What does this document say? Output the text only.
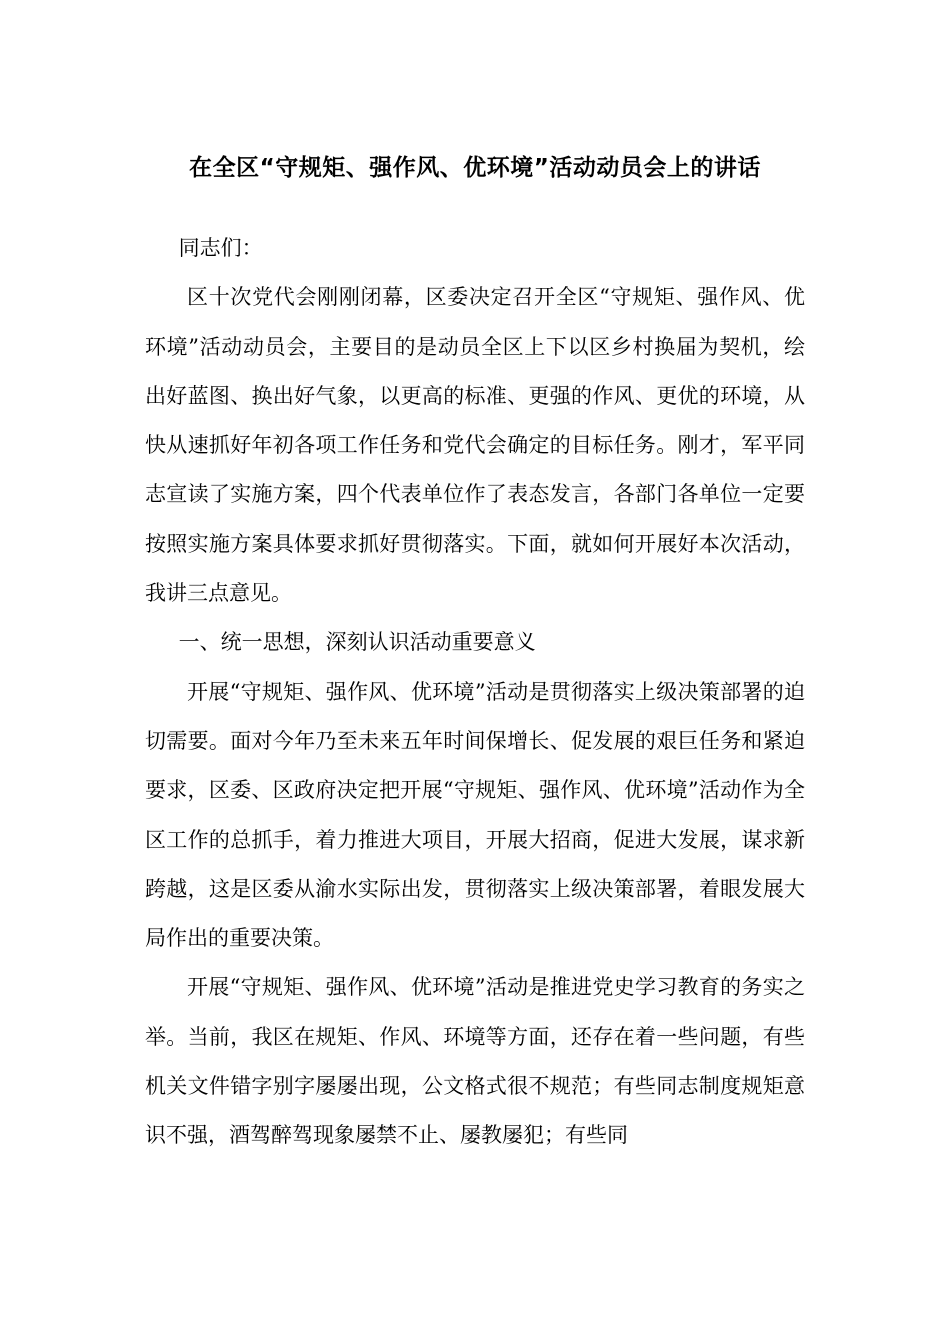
在全区“守规矩、强作风、优环境”活动动员会上的讲话

同志们：

区十次党代会刚刚闭幕，区委决定召开全区“守规矩、强作风、优环境”活动动员会，主要目的是动员全区上下以区乡村换届为契机，绘出好蓝图、换出好气象，以更高的标准、更强的作风、更优的环境，从快从速抓好年初各项工作任务和党代会确定的目标任务。刚才，军平同志宣读了实施方案，四个代表单位作了表态发言，各部门各单位一定要按照实施方案具体要求抓好贯彻落实。下面，就如何开展好本次活动，我讲三点意见。

一、统一思想，深刻认识活动重要意义

开展“守规矩、强作风、优环境”活动是贯彻落实上级决策部署的迫切需要。面对今年乃至未来五年时间保增长、促发展的艰巨任务和紧迫要求，区委、区政府决定把开展“守规矩、强作风、优环境”活动作为全区工作的总抓手，着力推进大项目，开展大招商，促进大发展，谋求新跨越，这是区委从渝水实际出发，贯彻落实上级决策部署，着眼发展大局作出的重要决策。

开展“守规矩、强作风、优环境”活动是推进党史学习教育的务实之举。当前，我区在规矩、作风、环境等方面，还存在着一些问题，有些机关文件错字别字屡屡出现，公文格式很不规范；有些同志制度规矩意识不强，酒驾醉驾现象屡禁不止、屡教屡犯；有些同
